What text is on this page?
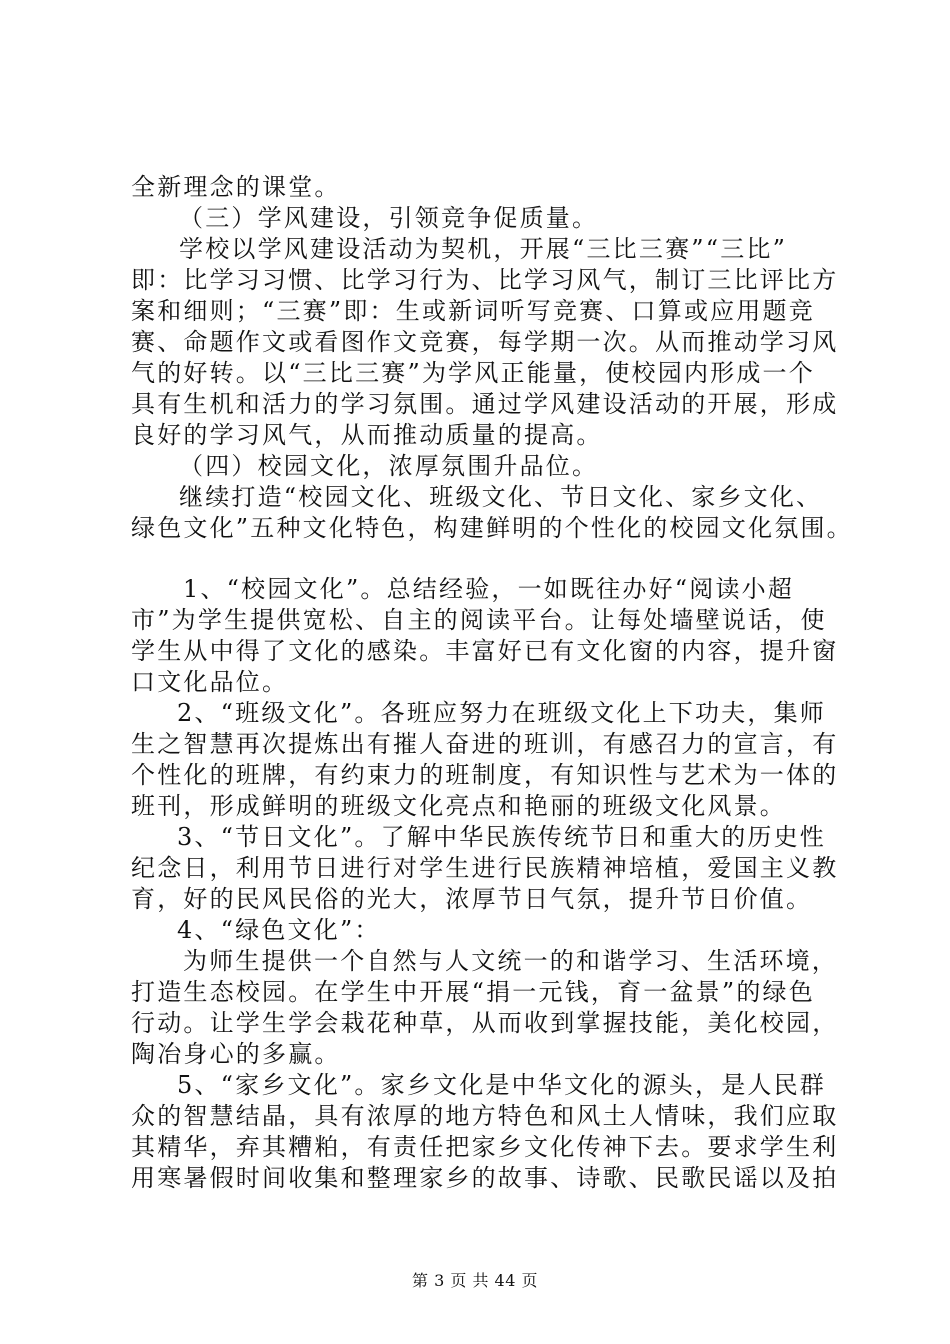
全新理念的课堂。

（三）学风建设，引领竞争促质量。

学校以学风建设活动为契机，开展“三比三赛”“三比”

即：比学习习惯、比学习行为、比学习风气，制订三比评比方

案和细则；“三赛”即：生或新词听写竞赛、口算或应用题竞

赛、命题作文或看图作文竞赛，每学期一次。从而推动学习风

气的好转。以“三比三赛”为学风正能量，使校园内形成一个

具有生机和活力的学习氛围。通过学风建设活动的开展，形成

良好的学习风气，从而推动质量的提高。

（四）校园文化，浓厚氛围升品位。

继续打造“校园文化、班级文化、节日文化、家乡文化、

绿色文化”五种文化特色，构建鲜明的个性化的校园文化氛围。

1、“校园文化”。总结经验，一如既往办好“阅读小超

市”为学生提供宽松、自主的阅读平台。让每处墙壁说话，使

学生从中得了文化的感染。丰富好已有文化窗的内容，提升窗

口文化品位。

2、“班级文化”。各班应努力在班级文化上下功夫，集师

生之智慧再次提炼出有摧人奋进的班训，有感召力的宣言，有

个性化的班牌，有约束力的班制度，有知识性与艺术为一体的

班刊，形成鲜明的班级文化亮点和艳丽的班级文化风景。

3、“节日文化”。了解中华民族传统节日和重大的历史性

纪念日，利用节日进行对学生进行民族精神培植，爱国主义教

育，好的民风民俗的光大，浓厚节日气氛，提升节日价值。

4、“绿色文化”：

为师生提供一个自然与人文统一的和谐学习、生活环境，

打造生态校园。在学生中开展“捐一元钱，育一盆景”的绿色

行动。让学生学会栽花种草，从而收到掌握技能，美化校园，

陶冶身心的多赢。

5、“家乡文化”。家乡文化是中华文化的源头，是人民群

众的智慧结晶，具有浓厚的地方特色和风土人情味，我们应取

其精华，弃其糟粕，有责任把家乡文化传神下去。要求学生利

用寒暑假时间收集和整理家乡的故事、诗歌、民歌民谣以及拍

第 3 页 共 44 页
